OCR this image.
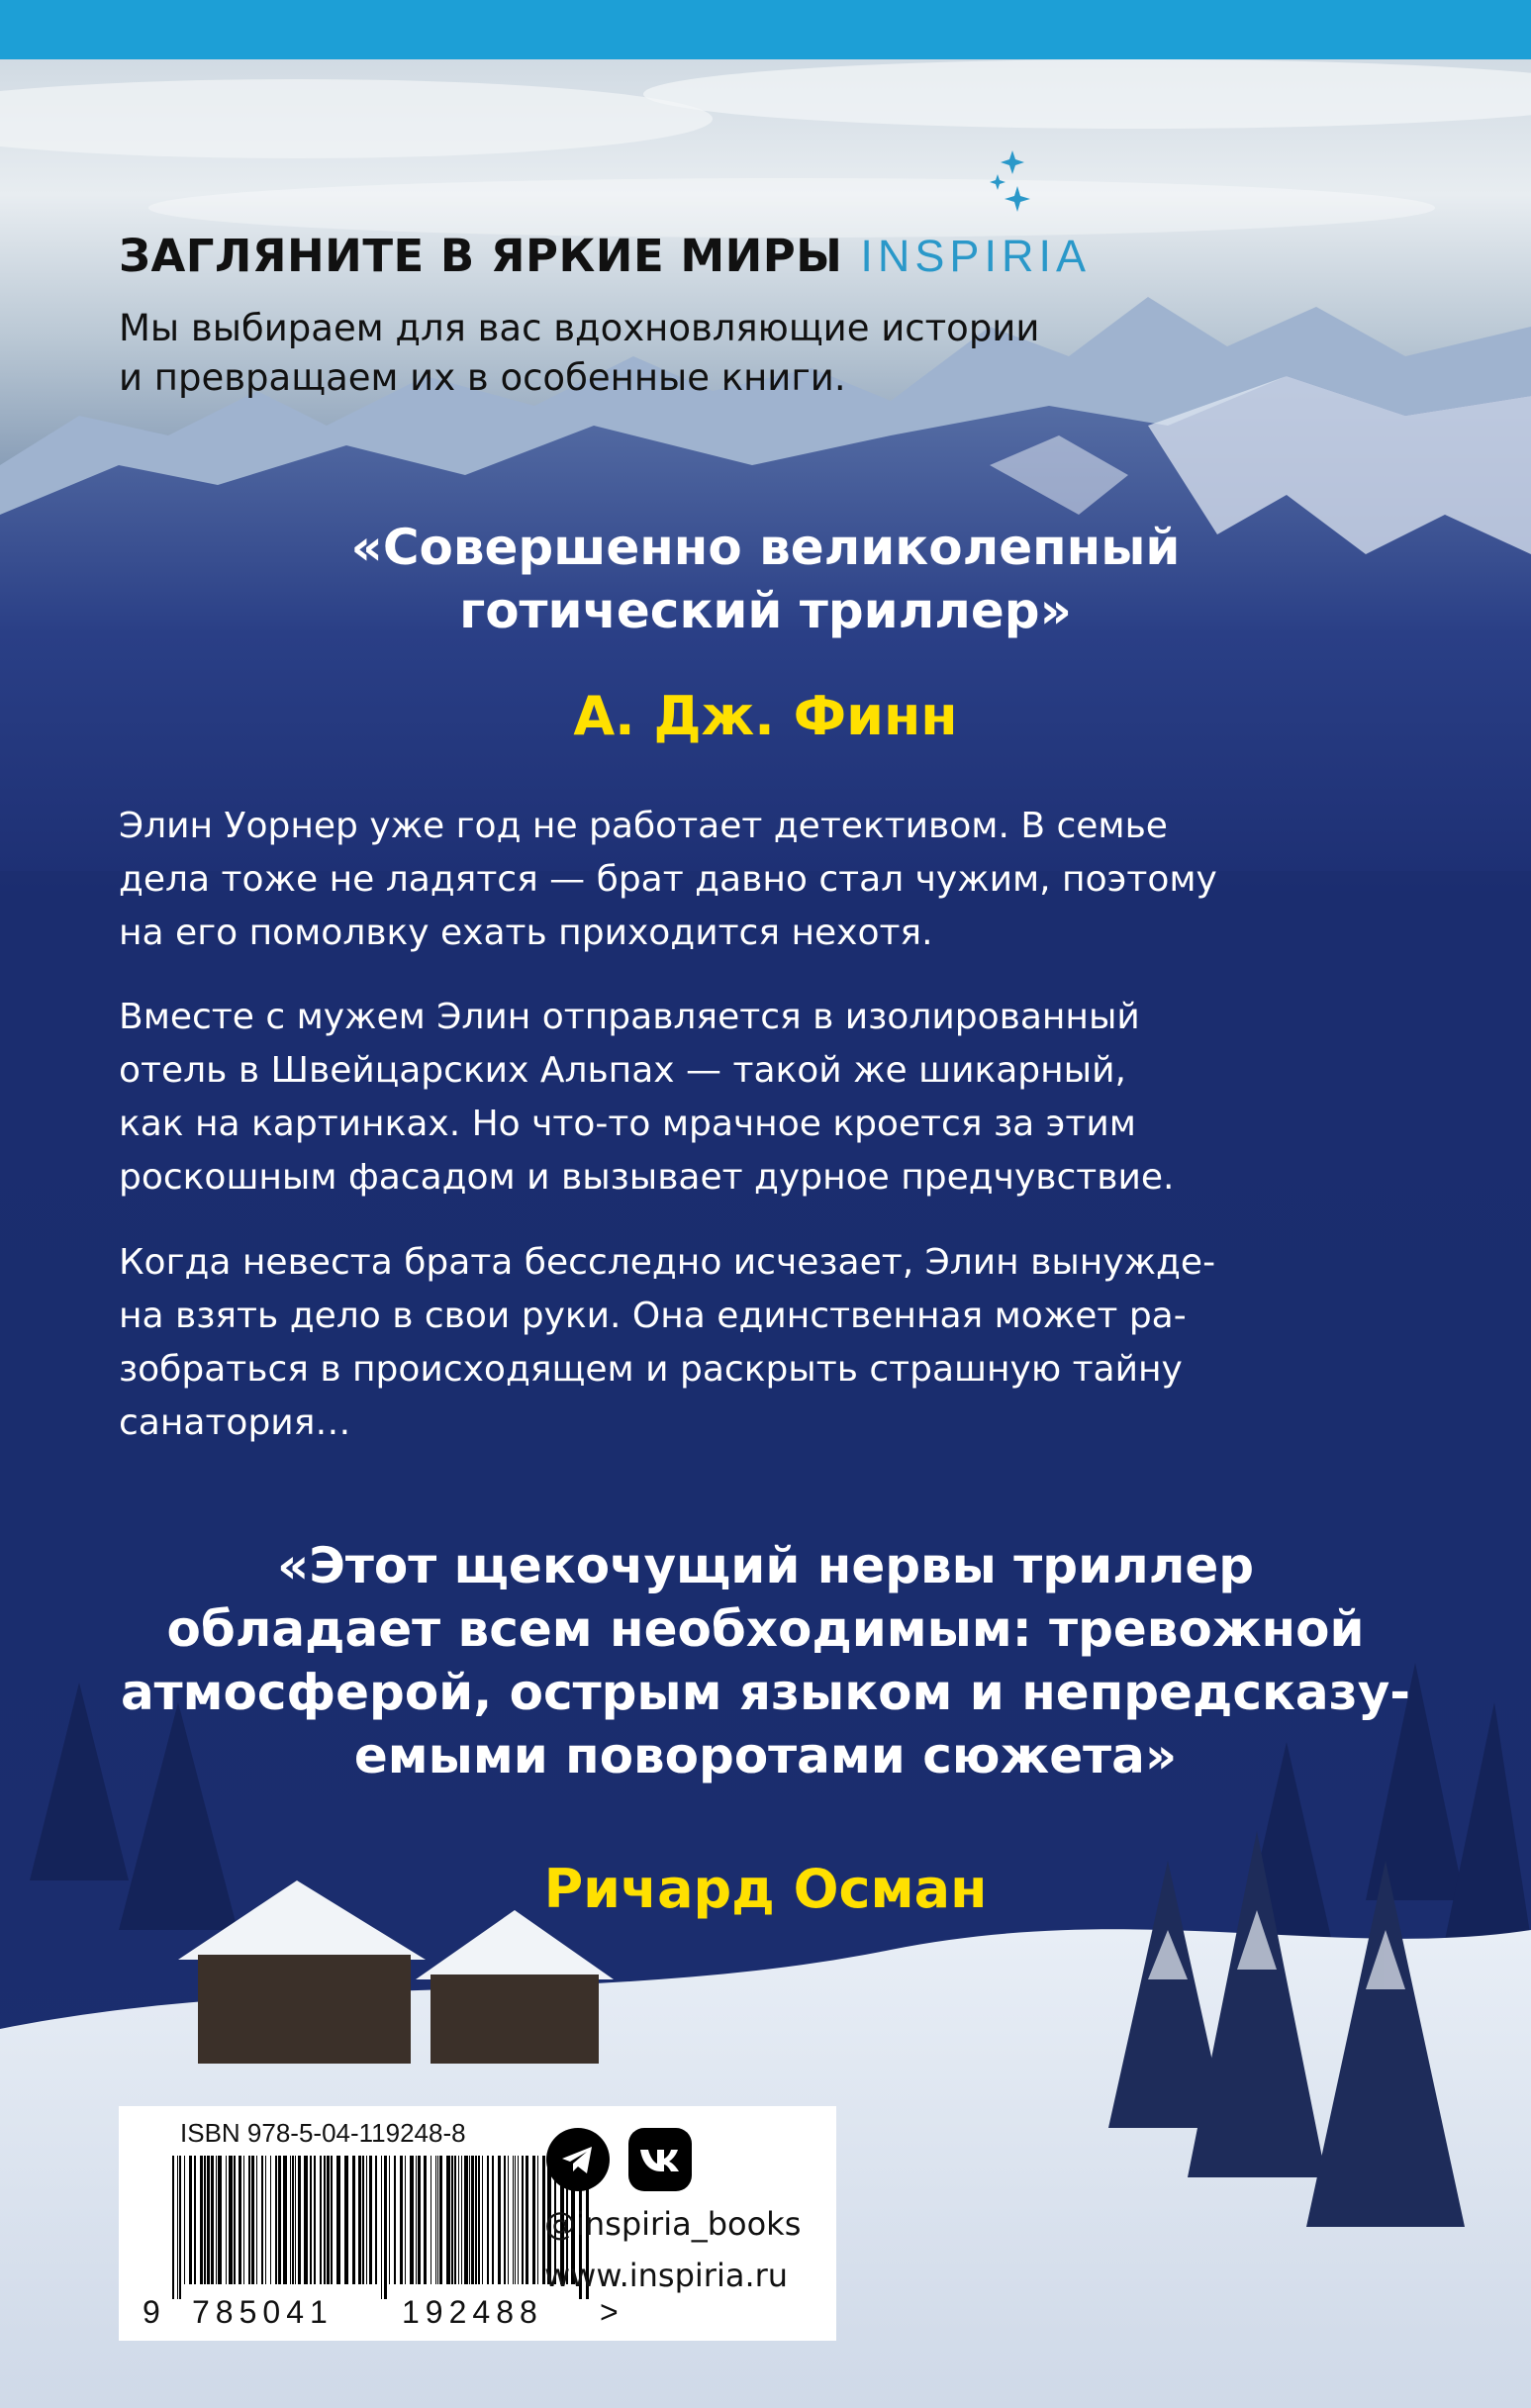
ЗАГЛЯНИТЕ В ЯРКИЕ МИРЫ INSPIRIA
Мы выбираем для вас вдохновляющие истории
и превращаем их в особенные книги.
«Совершенно великолепный
готический триллер»
А. Дж. Финн
Элин Уорнер уже год не работает детективом. В семье
дела тоже не ладятся — брат давно стал чужим, поэтому
на его помолвку ехать приходится нехотя.
Вместе с мужем Элин отправляется в изолированный
отель в Швейцарских Альпах — такой же шикарный,
как на картинках. Но что-то мрачное кроется за этим
роскошным фасадом и вызывает дурное предчувствие.
Когда невеста брата бесследно исчезает, Элин вынужде-
на взять дело в свои руки. Она единственная может ра-
зобраться в происходящем и раскрыть страшную тайну
санатория…
«Этот щекочущий нервы триллер
обладает всем необходимым: тревожной
атмосферой, острым языком и непредсказу-
емыми поворотами сюжета»
Ричард Осман
ISBN 978-5-04-119248-8
9 785041 192488 >
@inspiria_books
www.inspiria.ru
